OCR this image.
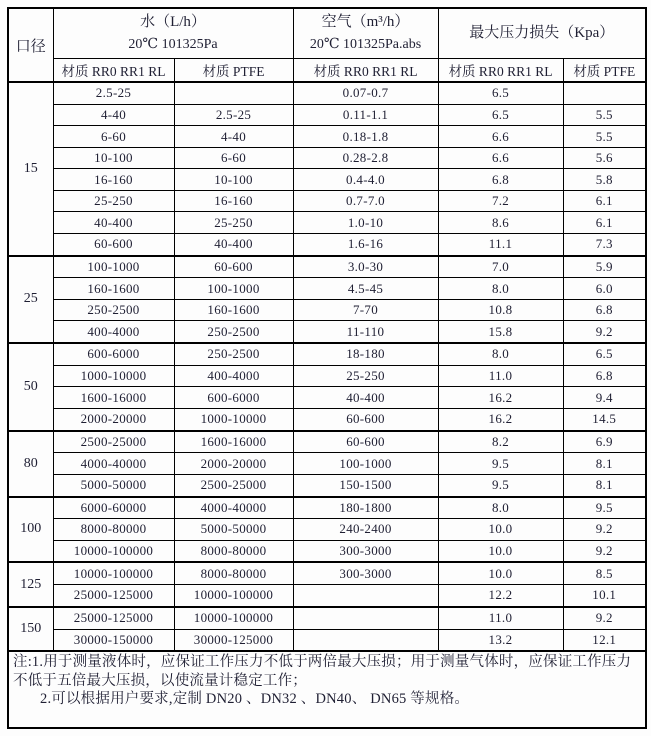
口径	
水（L/h）
20℃ 101325Pa

空气（m³/h）
20℃ 101325Pa.abs

最大压力损失（Kpa）

	材质 RR0 RR1 RL	材质 PTFE	材质 RR0 RR1 RL	材质 RR0 RR1 RL	材质 PTFE
15	2.5-25		0.07-0.7	6.5	
	4-40	2.5-25	0.11-1.1	6.5	5.5
	6-60	4-40	0.18-1.8	6.6	5.5
	10-100	6-60	0.28-2.8	6.6	5.6
	16-160	10-100	0.4-4.0	6.8	5.8
	25-250	16-160	0.7-7.0	7.2	6.1
	40-400	25-250	1.0-10	8.6	6.1
	60-600	40-400	1.6-16	11.1	7.3
25	100-1000	60-600	3.0-30	7.0	5.9
	160-1600	100-1000	4.5-45	8.0	6.0
	250-2500	160-1600	7-70	10.8	6.8
	400-4000	250-2500	11-110	15.8	9.2
50	600-6000	250-2500	18-180	8.0	6.5
	1000-10000	400-4000	25-250	11.0	6.8
	1600-16000	600-6000	40-400	16.2	9.4
	2000-20000	1000-10000	60-600	16.2	14.5
80	2500-25000	1600-16000	60-600	8.2	6.9
	4000-40000	2000-20000	100-1000	9.5	8.1
	5000-50000	2500-25000	150-1500	9.5	8.1
100	6000-60000	4000-40000	180-1800	8.0	9.5
	8000-80000	5000-50000	240-2400	10.0	9.2
	10000-100000	8000-80000	300-3000	10.0	9.2
125	10000-100000	8000-80000	300-3000	10.0	8.5
	25000-125000	10000-100000		12.2	10.1
150	25000-125000	10000-100000		11.0	9.2
	30000-150000	30000-125000		13.2	12.1

注:1.用于测量液体时，应保证工作压力不低于两倍最大压损；用于测量气体时，应保证工作压力
不低于五倍最大压损，以使流量计稳定工作；
2.可以根据用户要求,定制 DN20 、DN32 、DN40、 DN65 等规格。					
